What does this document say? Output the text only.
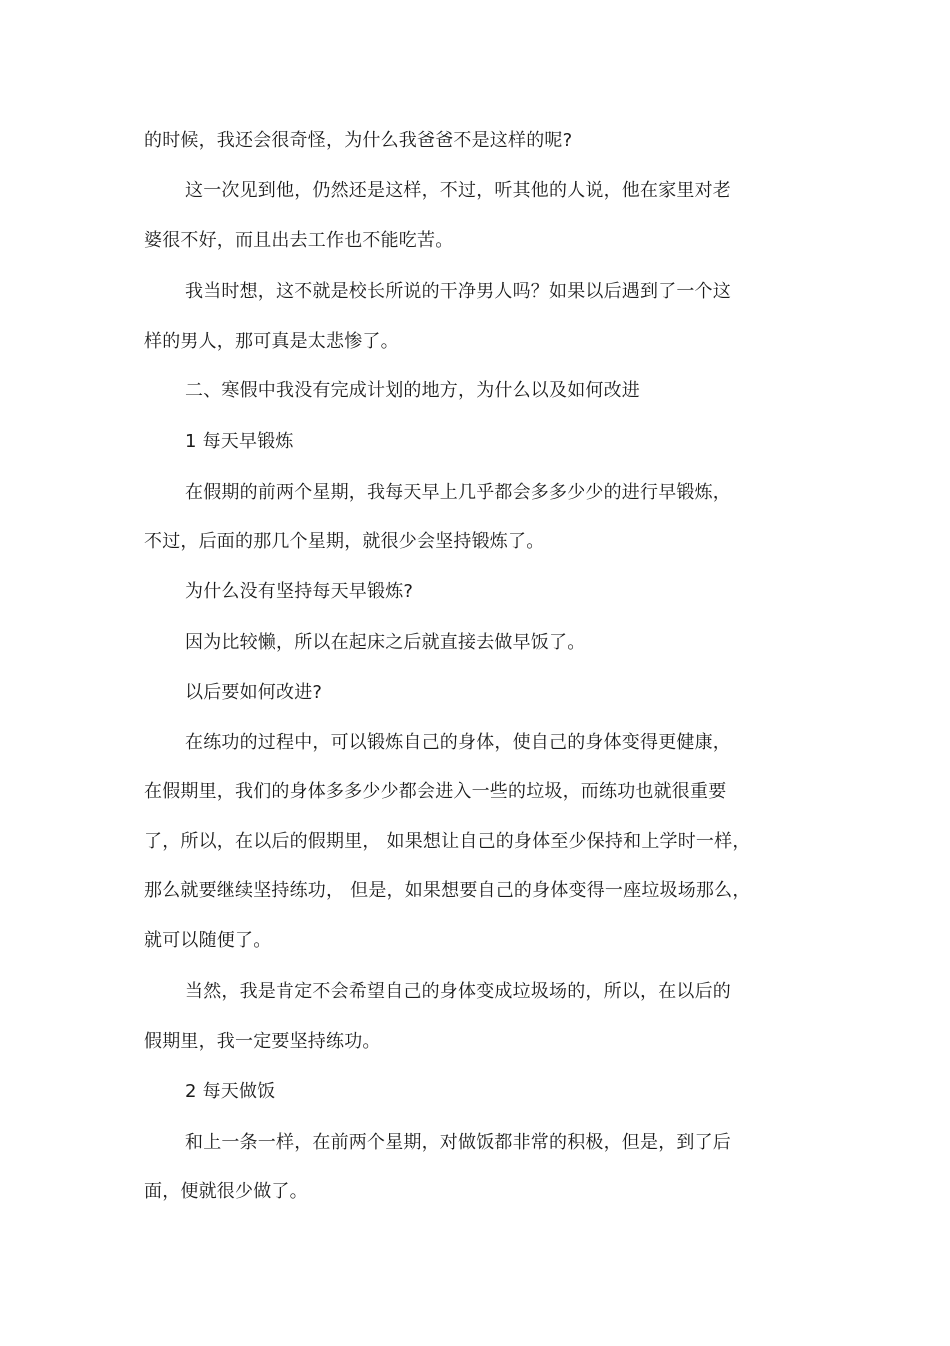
的时候，我还会很奇怪，为什么我爸爸不是这样的呢?

这一次见到他，仍然还是这样，不过，听其他的人说，他在家里对老

婆很不好，而且出去工作也不能吃苦。

我当时想，这不就是校长所说的干净男人吗？如果以后遇到了一个这

样的男人，那可真是太悲惨了。

二、寒假中我没有完成计划的地方，为什么以及如何改进

1 每天早锻炼

在假期的前两个星期，我每天早上几乎都会多多少少的进行早锻炼，

不过，后面的那几个星期，就很少会坚持锻炼了。

为什么没有坚持每天早锻炼?

因为比较懒，所以在起床之后就直接去做早饭了。

以后要如何改进?

在练功的过程中，可以锻炼自己的身体，使自己的身体变得更健康，

在假期里，我们的身体多多少少都会进入一些的垃圾，而练功也就很重要

了，所以，在以后的假期里， 如果想让自己的身体至少保持和上学时一样，

那么就要继续坚持练功， 但是，如果想要自己的身体变得一座垃圾场那么，

就可以随便了。

当然，我是肯定不会希望自己的身体变成垃圾场的，所以，在以后的

假期里，我一定要坚持练功。

2 每天做饭

和上一条一样，在前两个星期，对做饭都非常的积极，但是，到了后

面，便就很少做了。
